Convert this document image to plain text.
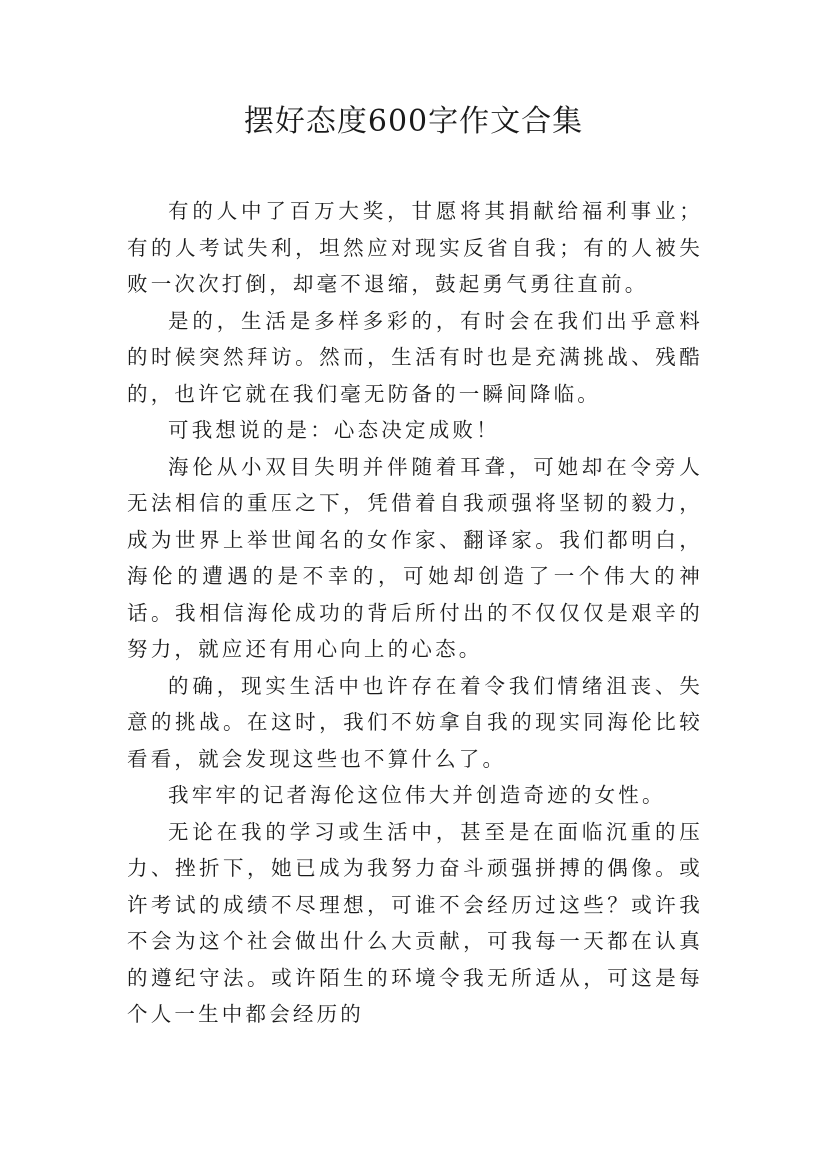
摆好态度600字作文合集

有的人中了百万大奖，甘愿将其捐献给福利事业；有的人考试失利，坦然应对现实反省自我；有的人被失败一次次打倒，却毫不退缩，鼓起勇气勇往直前。

是的，生活是多样多彩的，有时会在我们出乎意料的时候突然拜访。然而，生活有时也是充满挑战、残酷的，也许它就在我们毫无防备的一瞬间降临。

可我想说的是：心态决定成败！

海伦从小双目失明并伴随着耳聋，可她却在令旁人无法相信的重压之下，凭借着自我顽强将坚韧的毅力，成为世界上举世闻名的女作家、翻译家。我们都明白，海伦的遭遇的是不幸的，可她却创造了一个伟大的神话。我相信海伦成功的背后所付出的不仅仅仅是艰辛的努力，就应还有用心向上的心态。

的确，现实生活中也许存在着令我们情绪沮丧、失意的挑战。在这时，我们不妨拿自我的现实同海伦比较看看，就会发现这些也不算什么了。

我牢牢的记者海伦这位伟大并创造奇迹的女性。

无论在我的学习或生活中，甚至是在面临沉重的压力、挫折下，她已成为我努力奋斗顽强拼搏的偶像。或许考试的成绩不尽理想，可谁不会经历过这些？或许我不会为这个社会做出什么大贡献，可我每一天都在认真的遵纪守法。或许陌生的环境令我无所适从，可这是每个人一生中都会经历的
